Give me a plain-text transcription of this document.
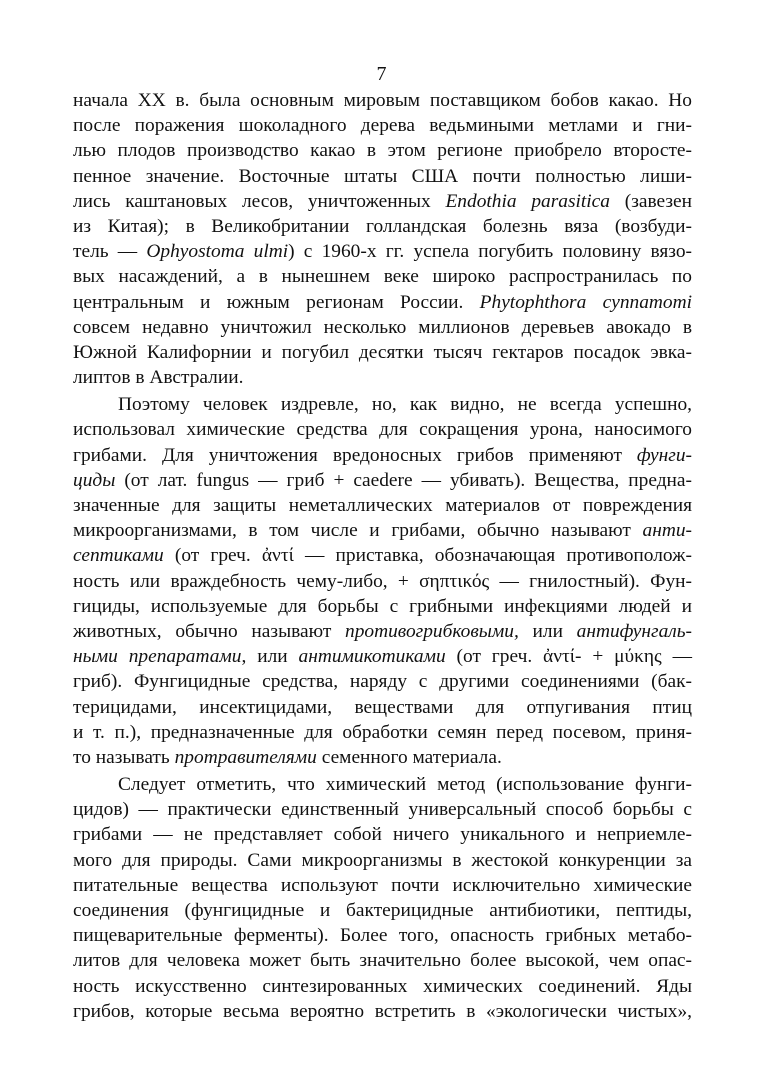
7
начала XX в. была основным мировым поставщиком бобов какао. Но
после поражения шоколадного дерева ведьмиными метлами и гни-
лью плодов производство какао в этом регионе приобрело второсте-
пенное значение. Восточные штаты США почти полностью лиши-
лись каштановых лесов, уничтоженных Endothia parasitica (завезен
из Китая); в Великобритании голландская болезнь вяза (возбуди-
тель — Ophyostoma ulmi) с 1960-х гг. успела погубить половину вязо-
вых насаждений, а в нынешнем веке широко распространилась по
центральным и южным регионам России. Phytophthora cynnamomi
совсем недавно уничтожил несколько миллионов деревьев авокадо в
Южной Калифорнии и погубил десятки тысяч гектаров посадок эвка-
липтов в Австралии.
Поэтому человек издревле, но, как видно, не всегда успешно,
использовал химические средства для сокращения урона, наносимого
грибами. Для уничтожения вредоносных грибов применяют фунги-
циды (от лат. fungus — гриб + caedere — убивать). Вещества, предна-
значенные для защиты неметаллических материалов от повреждения
микроорганизмами, в том числе и грибами, обычно называют анти-
септиками (от греч. ἀντί — приставка, обозначающая противополож-
ность или враждебность чему-либо, + σηπτικός — гнилостный). Фун-
гициды, используемые для борьбы с грибными инфекциями людей и
животных, обычно называют противогрибковыми, или антифунгаль-
ными препаратами, или антимикотиками (от греч. ἀντί- + μύκης —
гриб). Фунгицидные средства, наряду с другими соединениями (бак-
терицидами, инсектицидами, веществами для отпугивания птиц
и т. п.), предназначенные для обработки семян перед посевом, приня-
то называть протравителями семенного материала.
Следует отметить, что химический метод (использование фунги-
цидов) — практически единственный универсальный способ борьбы с
грибами — не представляет собой ничего уникального и неприемле-
мого для природы. Сами микроорганизмы в жестокой конкуренции за
питательные вещества используют почти исключительно химические
соединения (фунгицидные и бактерицидные антибиотики, пептиды,
пищеварительные ферменты). Более того, опасность грибных метабо-
литов для человека может быть значительно более высокой, чем опас-
ность искусственно синтезированных химических соединений. Яды
грибов, которые весьма вероятно встретить в «экологически чистых»,
